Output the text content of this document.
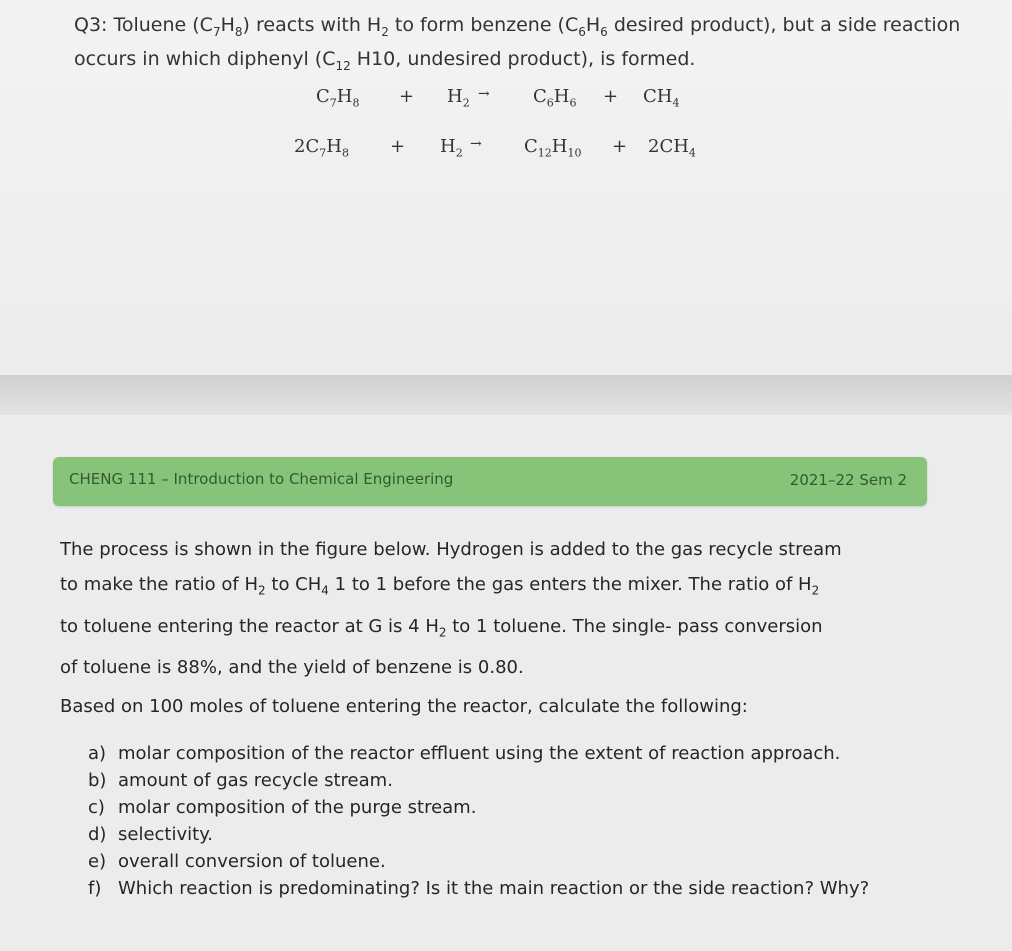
Q3: Toluene $(C_7H_8)$ reacts with $H_2$ to form benzene ($C_6H_6$ desired product), but a side reaction occurs in which diphenyl ($C_{12}$ H10, undesired product), is formed.
$C_7H_8 + H_2$
→ $C_6H_6 + CH_4$
$2C_7H_8 + H_2$
→ $C_{12}H_{10} + 2CH_4$
CHENG 111 – Introduction to Chemical Engineering	2021–22 Sem 2

The process is shown in the figure below. Hydrogen is added to the gas recycle stream

to make the ratio of $H_2$ to $CH_4$ 1 to 1 before the gas enters the mixer. The ratio of $H_2$

to toluene entering the reactor at G is 4 $H_2$ to 1 toluene. The single- pass conversion

of toluene is 88%, and the yield of benzene is 0.80.

Based on 100 moles of toluene entering the reactor, calculate the following:
a) molar composition of the reactor effluent using the extent of reaction approach.
b) amount of gas recycle stream.
c) molar composition of the purge stream.
d) selectivity.
e) overall conversion of toluene.
f) Which reaction is predominating? Is it the main reaction or the side reaction? Why?
